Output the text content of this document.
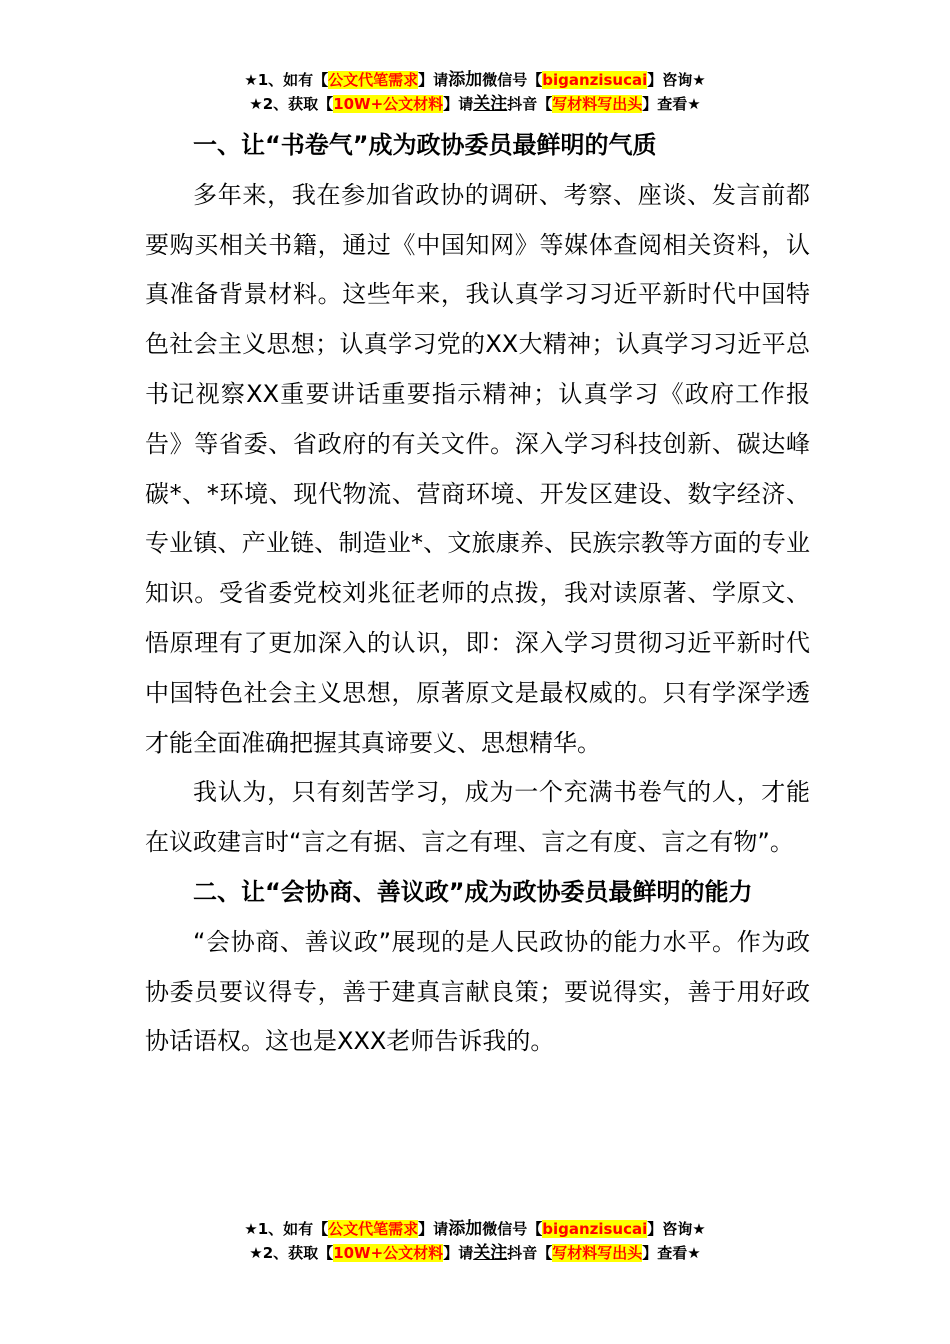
★1、如有【公文代笔需求】请添加微信号【biganzisucai】咨询★
★2、获取【10W+公文材料】请关注抖音【写材料写出头】查看★
一、让“书卷气”成为政协委员最鲜明的气质

多年来，我在参加省政协的调研、考察、座谈、发言前都要购买相关书籍，通过《中国知网》等媒体查阅相关资料，认真准备背景材料。这些年来，我认真学习习近平新时代中国特色社会主义思想；认真学习党的XX大精神；认真学习习近平总书记视察XX重要讲话重要指示精神；认真学习《政府工作报告》等省委、省政府的有关文件。深入学习科技创新、碳达峰碳*、*环境、现代物流、营商环境、开发区建设、数字经济、专业镇、产业链、制造业*、文旅康养、民族宗教等方面的专业知识。受省委党校刘兆征老师的点拨，我对读原著、学原文、悟原理有了更加深入的认识，即：深入学习贯彻习近平新时代中国特色社会主义思想，原著原文是最权威的。只有学深学透才能全面准确把握其真谛要义、思想精华。

我认为，只有刻苦学习，成为一个充满书卷气的人，才能在议政建言时“言之有据、言之有理、言之有度、言之有物”。

二、让“会协商、善议政”成为政协委员最鲜明的能力

“会协商、善议政”展现的是人民政协的能力水平。作为政协委员要议得专，善于建真言献良策；要说得实，善于用好政协话语权。这也是XXX老师告诉我的。

★1、如有【公文代笔需求】请添加微信号【biganzisucai】咨询★
★2、获取【10W+公文材料】请关注抖音【写材料写出头】查看★
